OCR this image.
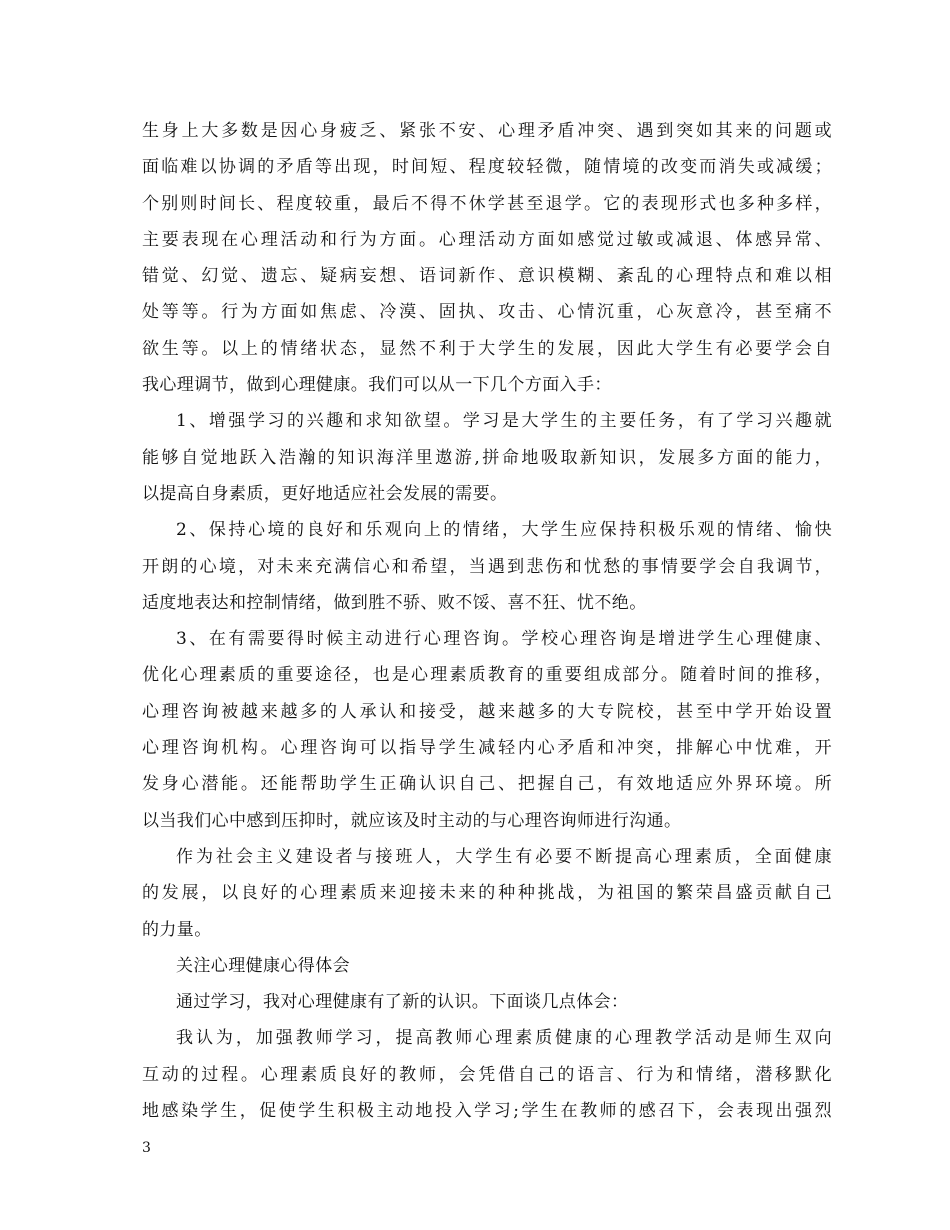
生身上大多数是因心身疲乏、紧张不安、心理矛盾冲突、遇到突如其来的问题或
面临难以协调的矛盾等出现，时间短、程度较轻微，随情境的改变而消失或减缓；
个别则时间长、程度较重，最后不得不休学甚至退学。它的表现形式也多种多样，
主要表现在心理活动和行为方面。心理活动方面如感觉过敏或减退、体感异常、
错觉、幻觉、遗忘、疑病妄想、语词新作、意识模糊、紊乱的心理特点和难以相
处等等。行为方面如焦虑、冷漠、固执、攻击、心情沉重，心灰意冷，甚至痛不
欲生等。以上的情绪状态，显然不利于大学生的发展，因此大学生有必要学会自
我心理调节，做到心理健康。我们可以从一下几个方面入手：
1、增强学习的兴趣和求知欲望。学习是大学生的主要任务，有了学习兴趣就
能够自觉地跃入浩瀚的知识海洋里遨游,拼命地吸取新知识，发展多方面的能力，
以提高自身素质，更好地适应社会发展的需要。
2、保持心境的良好和乐观向上的情绪，大学生应保持积极乐观的情绪、愉快
开朗的心境，对未来充满信心和希望，当遇到悲伤和忧愁的事情要学会自我调节，
适度地表达和控制情绪，做到胜不骄、败不馁、喜不狂、忧不绝。
3、在有需要得时候主动进行心理咨询。学校心理咨询是增进学生心理健康、
优化心理素质的重要途径，也是心理素质教育的重要组成部分。随着时间的推移，
心理咨询被越来越多的人承认和接受，越来越多的大专院校，甚至中学开始设置
心理咨询机构。心理咨询可以指导学生减轻内心矛盾和冲突，排解心中忧难，开
发身心潜能。还能帮助学生正确认识自己、把握自己，有效地适应外界环境。所
以当我们心中感到压抑时，就应该及时主动的与心理咨询师进行沟通。
作为社会主义建设者与接班人，大学生有必要不断提高心理素质，全面健康
的发展，以良好的心理素质来迎接未来的种种挑战，为祖国的繁荣昌盛贡献自己
的力量。
关注心理健康心得体会
通过学习，我对心理健康有了新的认识。下面谈几点体会：
我认为，加强教师学习，提高教师心理素质健康的心理教学活动是师生双向
互动的过程。心理素质良好的教师，会凭借自己的语言、行为和情绪，潜移默化
地感染学生，促使学生积极主动地投入学习;学生在教师的感召下，会表现出强烈
3
